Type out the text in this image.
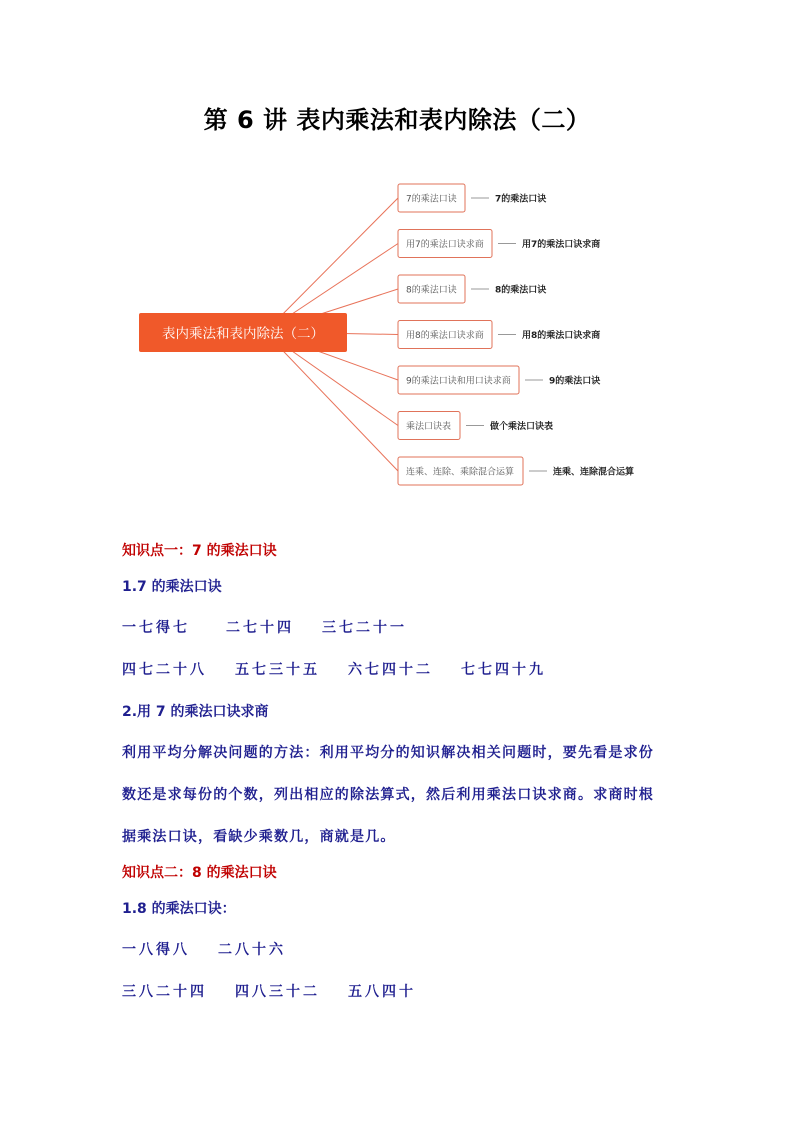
第 6 讲 表内乘法和表内除法（二）
表内乘法和表内除法（二）
7的乘法口诀	7的乘法口诀
用7的乘法口诀求商	用7的乘法口诀求商
8的乘法口诀	8的乘法口诀
用8的乘法口诀求商	用8的乘法口诀求商
9的乘法口诀和用口诀求商	9的乘法口诀
乘法口诀表	做个乘法口诀表
连乘、连除、乘除混合运算	连乘、连除混合运算
知识点一：7 的乘法口诀
1.7 的乘法口诀
一七得七	二七十四 三七二十一
四七二十八 五七三十五 六七四十二 七七四十九
2.用 7 的乘法口诀求商
利用平均分解决问题的方法：利用平均分的知识解决相关问题时，要先看是求份
数还是求每份的个数，列出相应的除法算式，然后利用乘法口诀求商。求商时根
据乘法口诀，看缺少乘数几，商就是几。
知识点二：8 的乘法口诀
1.8 的乘法口诀：
一八得八 二八十六
三八二十四 四八三十二 五八四十
